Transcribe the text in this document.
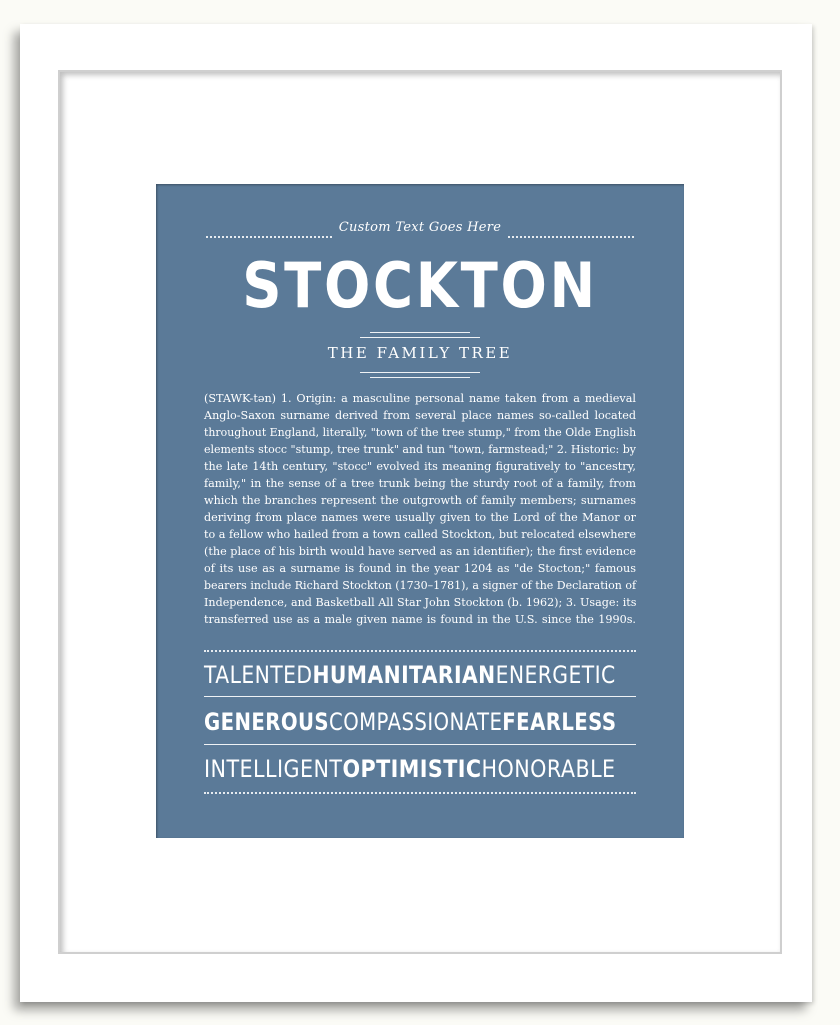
Custom Text Goes Here
STOCKTON
THE FAMILY TREE
(STAWK-tən) 1. Origin: a masculine personal name taken from a medieval
Anglo-Saxon surname derived from several place names so-called located
throughout England, literally, "town of the tree stump," from the Olde English
elements stocc "stump, tree trunk" and tun "town, farmstead;" 2. Historic: by
the late 14th century, "stocc" evolved its meaning figuratively to "ancestry,
family," in the sense of a tree trunk being the sturdy root of a family, from
which the branches represent the outgrowth of family members; surnames
deriving from place names were usually given to the Lord of the Manor or
to a fellow who hailed from a town called Stockton, but relocated elsewhere
(the place of his birth would have served as an identifier); the first evidence
of its use as a surname is found in the year 1204 as "de Stocton;" famous
bearers include Richard Stockton (1730–1781), a signer of the Declaration of
Independence, and Basketball All Star John Stockton (b. 1962); 3. Usage: its
transferred use as a male given name is found in the U.S. since the 1990s.
TALENTED HUMANITARIAN ENERGETIC
GENEROUS COMPASSIONATE FEARLESS
INTELLIGENT OPTIMISTIC HONORABLE
